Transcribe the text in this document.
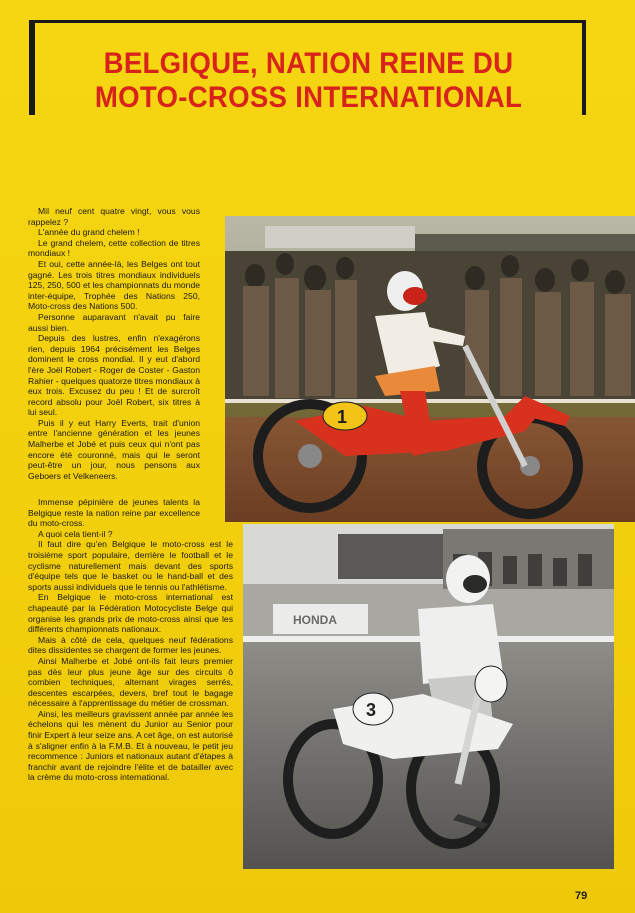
BELGIQUE, NATION REINE DU
MOTO-CROSS INTERNATIONAL

Mil neuf cent quatre vingt, vous vous rappelez ?

L'année du grand chelem !

Le grand chelem, cette collection de titres mondiaux !

Et oui, cette année-là, les Belges ont tout gagné. Les trois titres mondiaux individuels 125, 250, 500 et les championnats du monde inter-équipe, Trophée des Nations 250, Moto-cross des Nations 500.

Personne auparavant n'avait pu faire aussi bien.

Depuis des lustres, enfin n'exagérons rien, depuis 1964 précisément les Belges dominent le cross mondial. Il y eut d'abord l'ère Joël Robert - Roger de Coster - Gaston Rahier - quelques quatorze titres mondiaux à eux trois. Excusez du peu ! Et de surcroît record absolu pour Joël Robert, six titres à lui seul.

Puis il y eut Harry Everts, trait d'union entre l'ancienne génération et les jeunes Malherbe et Jobé et puis ceux qui n'ont pas encore été couronné, mais qui le seront peut-être un jour, nous pensons aux Geboers et Velkeneers.

Immense pépinière de jeunes talents la Belgique reste la nation reine par excellence du moto-cross.

A quoi cela tient-il ?

Il faut dire qu'en Belgique le moto-cross est le troisième sport populaire, derrière le football et le cyclisme naturellement mais devant des sports d'équipe tels que le basket ou le hand-ball et des sports aussi individuels que le tennis ou l'athlétisme.

En Belgique le moto-cross international est chapeauté par la Fédération Motocycliste Belge qui organise les grands prix de moto-cross ainsi que les différents championnats nationaux.

Mais à côté de cela, quelques neuf fédérations dites dissidentes se chargent de former les jeunes.

Ainsi Malherbe et Jobé ont-ils fait leurs premier pas dès leur plus jeune âge sur des circuits ô combien techniques, alternant virages serrés, descentes escarpées, devers, bref tout le bagage nécessaire à l'apprentissage du métier de crossman.

Ainsi, les meilleurs gravissent année par année les échelons qui les mènent du Junior au Senior pour finir Expert à leur seize ans. A cet âge, on est autorisé à s'aligner enfin à la F.M.B. Et à nouveau, le petit jeu recommence : Juniors et nationaux autant d'étapes à franchir avant de rejoindre l'élite et de batailler avec la crème du moto-cross international.

1
HONDA
3
79
